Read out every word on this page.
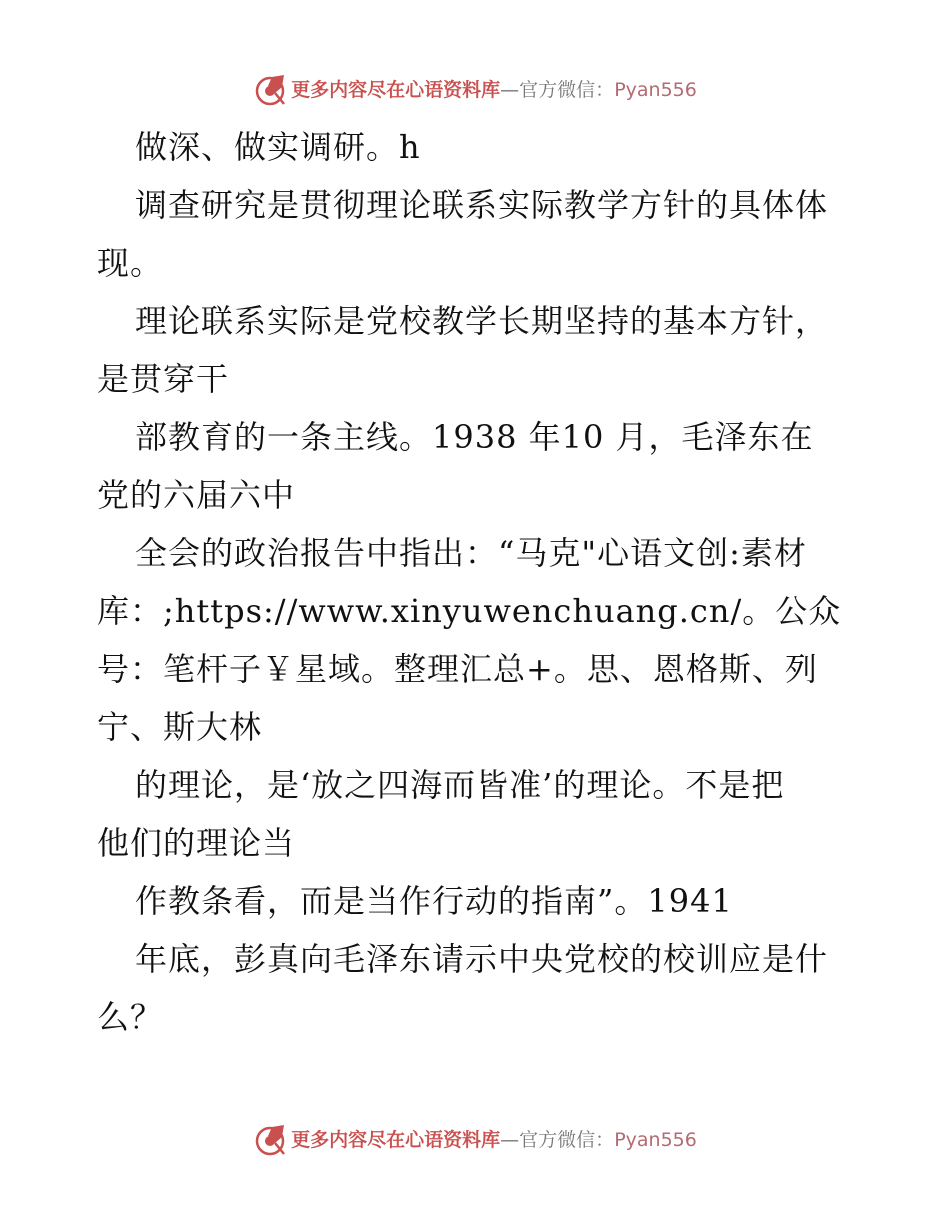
更多内容尽在心语资料库—官方微信：Pyan556
做深、做实调研。h
调查研究是贯彻理论联系实际教学方针的具体体
现。
理论联系实际是党校教学长期坚持的基本方针，
是贯穿干
部教育的一条主线。1938 年10 月，毛泽东在
党的六届六中
全会的政治报告中指出：“马克"心语文创:素材
库：;https://www.xinyuwenchuang.cn/。公众
号：笔杆子￥星域。整理汇总+。思、恩格斯、列
宁、斯大林
的理论，是‘放之四海而皆准’的理论。不是把
他们的理论当
作教条看，而是当作行动的指南”。1941
年底，彭真向毛泽东请示中央党校的校训应是什
么？
更多内容尽在心语资料库—官方微信：Pyan556
